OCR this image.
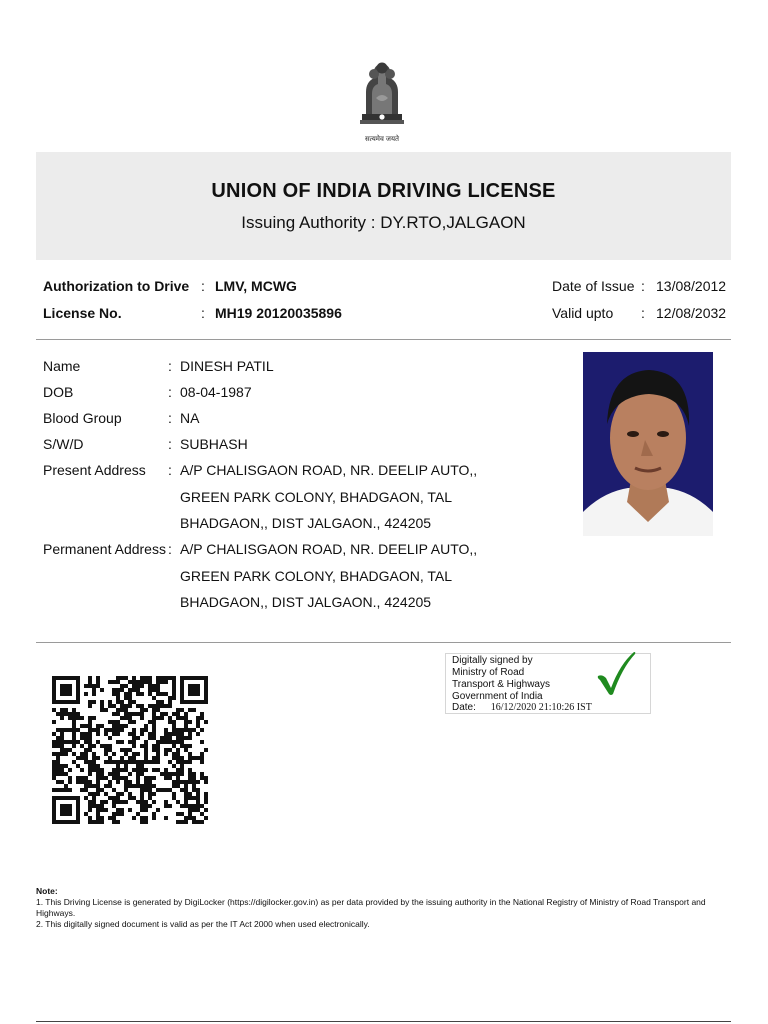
सत्यमेव जयते
UNION OF INDIA DRIVING LICENSE
Issuing Authority : DY.RTO,JALGAON
Authorization to Drive : LMV, MCWG
License No.	: MH19 20120035896
Date of Issue : 13/08/2012
Valid upto : 12/08/2032
Name	: DINESH PATIL
DOB	: 08-04-1987
Blood Group	: NA
S/W/D	: SUBHASH
Present Address : A/P CHALISGAON ROAD, NR. DEELIP AUTO,,
GREEN PARK COLONY, BHADGAON, TAL
BHADGAON,, DIST JALGAON., 424205
Permanent Address : A/P CHALISGAON ROAD, NR. DEELIP AUTO,,
GREEN PARK COLONY, BHADGAON, TAL
BHADGAON,, DIST JALGAON., 424205
Digitally signed by
Ministry of Road
Transport & Highways
Government of India
Date: 16/12/2020 21:10:26 IST
Note:
1. This Driving License is generated by DigiLocker (https://digilocker.gov.in) as per data provided by the issuing authority in the National Registry of Ministry of Road Transport and Highways.
2. This digitally signed document is valid as per the IT Act 2000 when used electronically.
